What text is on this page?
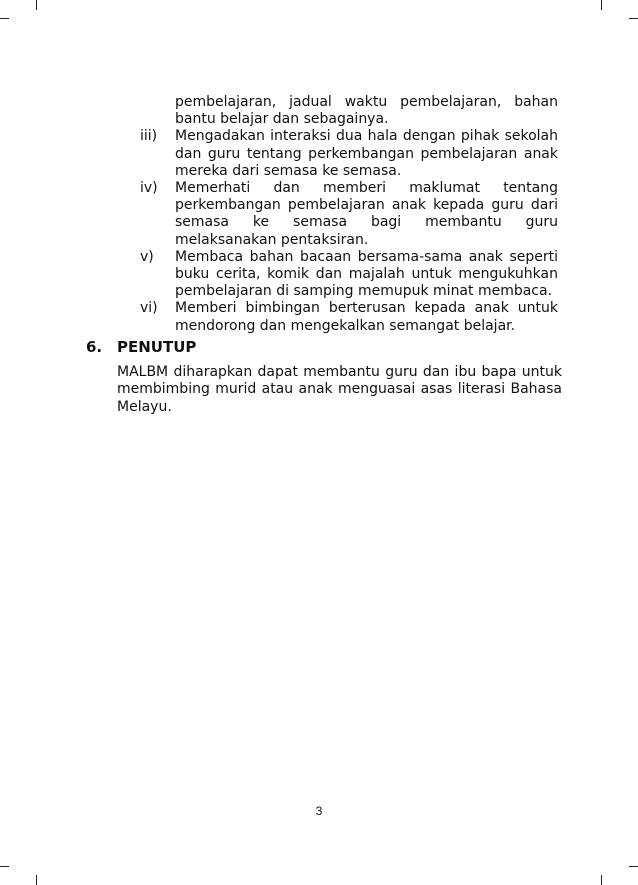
pembelajaran, jadual waktu pembelajaran, bahan bantu belajar dan sebagainya.
iii)	Mengadakan interaksi dua hala dengan pihak sekolah dan guru tentang perkembangan pembelajaran anak mereka dari semasa ke semasa.
iv)	Memerhati dan memberi maklumat tentang perkembangan pembelajaran anak kepada guru dari semasa ke semasa bagi membantu guru melaksanakan pentaksiran.
v)	Membaca bahan bacaan bersama-sama anak seperti buku cerita, komik dan majalah untuk mengukuhkan pembelajaran di samping memupuk minat membaca.
vi)	Memberi bimbingan berterusan kepada anak untuk mendorong dan mengekalkan semangat belajar.
6. PENUTUP
MALBM diharapkan dapat membantu guru dan ibu bapa untuk membimbing murid atau anak menguasai asas literasi Bahasa Melayu.
3
